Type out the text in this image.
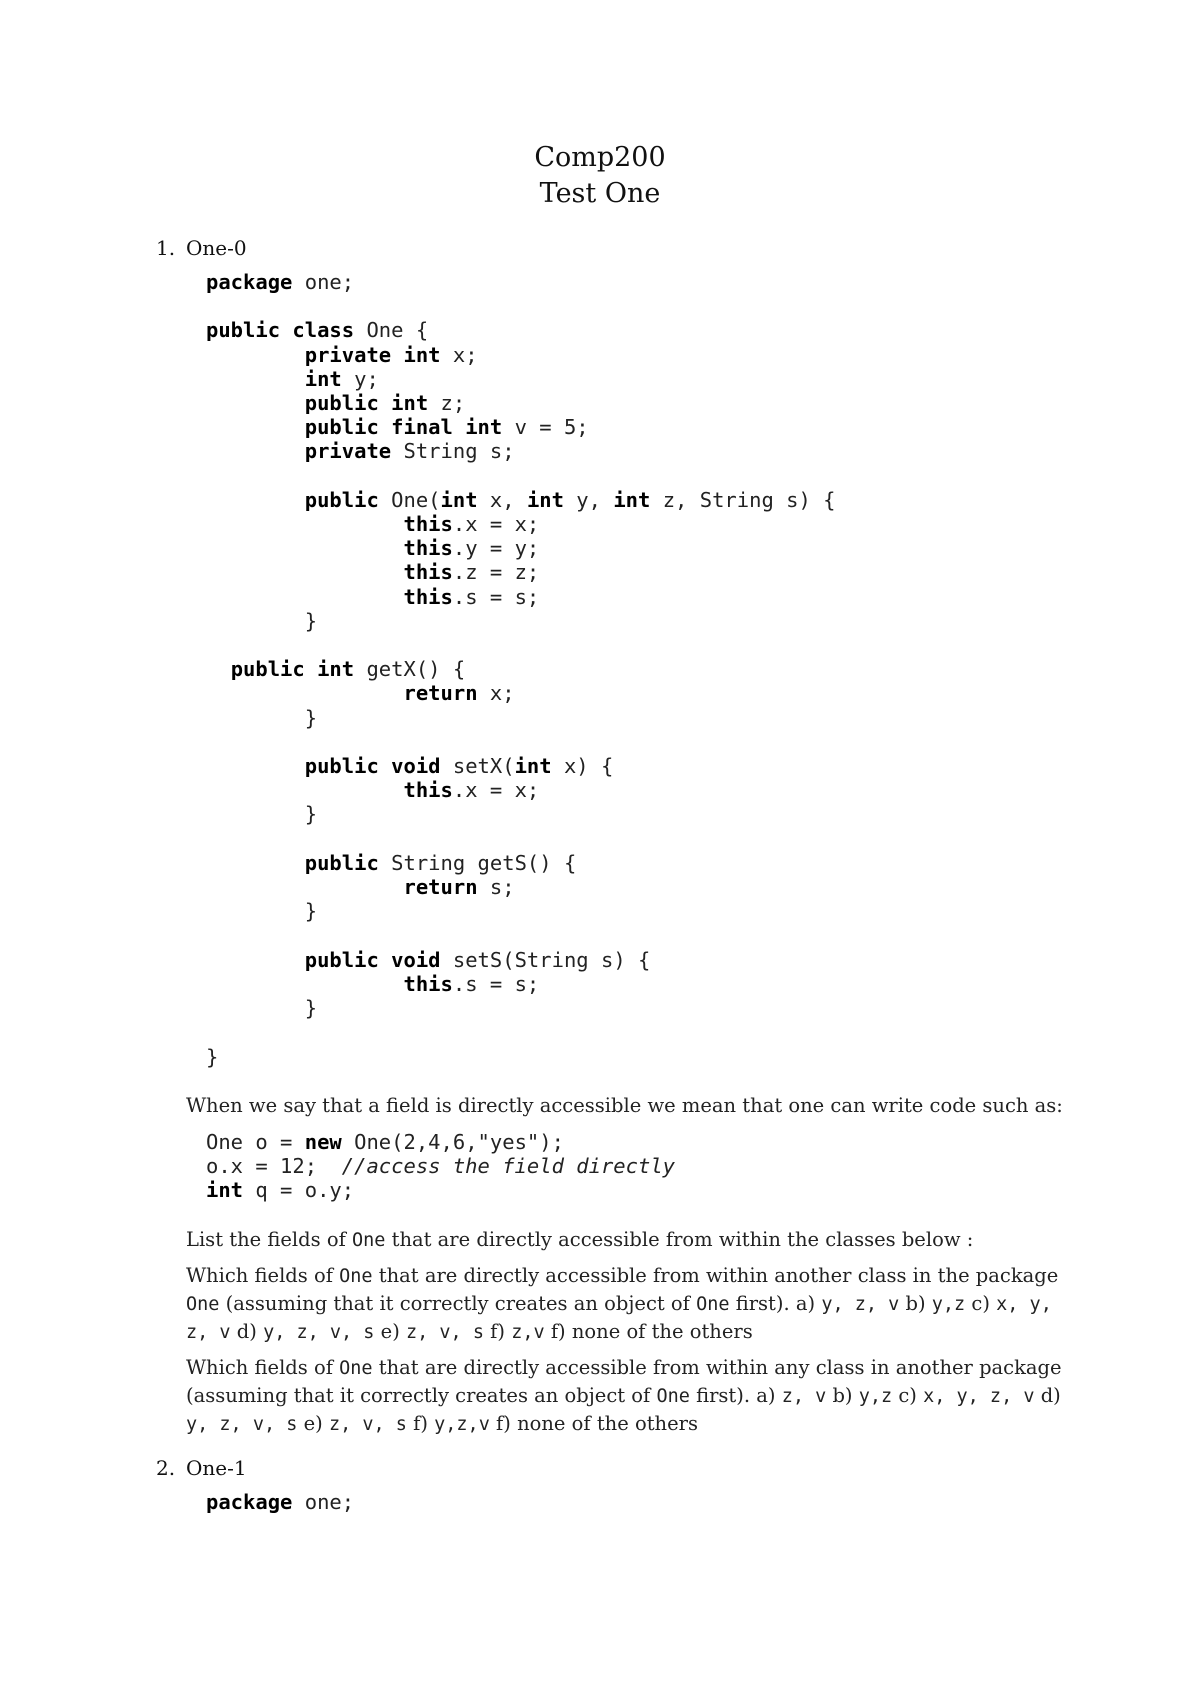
Comp200
Test One
1. One-0
package one;

public class One {
private int x;
int y;
public int z;
public final int v = 5;
private String s;

public One(int x, int y, int z, String s) {
this.x = x;
this.y = y;
this.z = z;
this.s = s;
}

public int getX() {
return x;
}

public void setX(int x) {
this.x = x;
}

public String getS() {
return s;
}

public void setS(String s) {
this.s = s;
}

}
When we say that a field is directly accessible we mean that one can write code such as:
One o = new One(2,4,6,"yes");
o.x = 12;  //access the field directly
int q = o.y;
List the fields of One that are directly accessible from within the classes below :
Which fields of One that are directly accessible from within another class in the package One (assuming that it correctly creates an object of One first). a) y, z, v b) y,z c) x, y, z, v d) y, z, v, s e) z, v, s f) z,v f) none of the others
Which fields of One that are directly accessible from within any class in another package (assuming that it correctly creates an object of One first). a) z, v b) y,z c) x, y, z, v d) y, z, v, s e) z, v, s f) y,z,v f) none of the others
2. One-1
package one;
